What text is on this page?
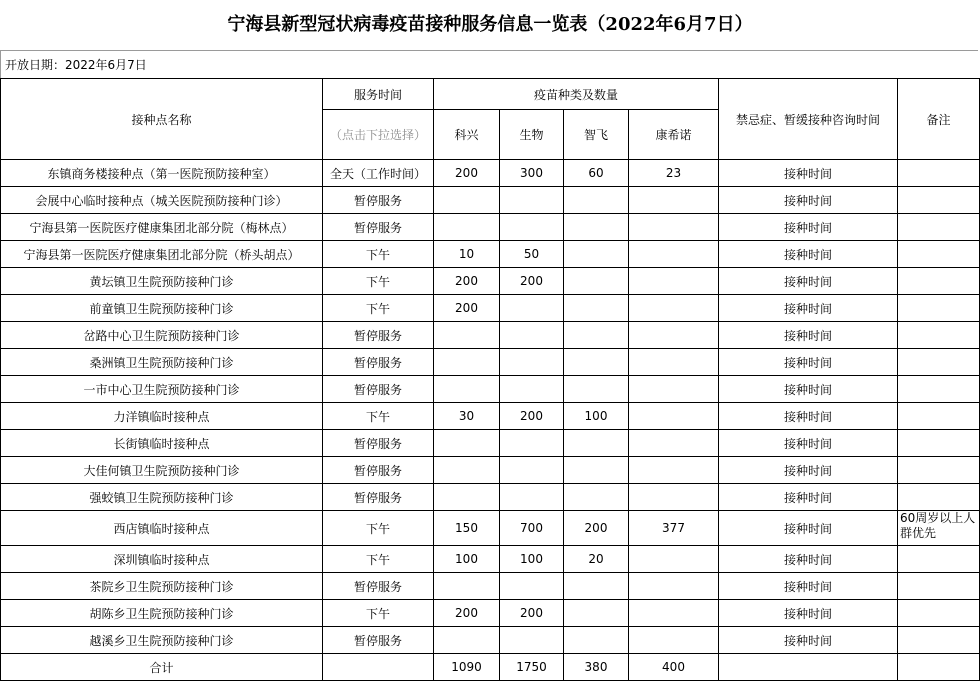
宁海县新型冠状病毒疫苗接种服务信息一览表（2022年6月7日）
开放日期：2022年6月7日
接种点名称	服务时间	疫苗种类及数量				禁忌症、暂缓接种咨询时间	备注
	（点击下拉选择）	科兴	生物	智飞	康希诺		
东镇商务楼接种点（第一医院预防接种室）	全天（工作时间）	200	300	60	23	接种时间	
会展中心临时接种点（城关医院预防接种门诊）	暂停服务					接种时间	
宁海县第一医院医疗健康集团北部分院（梅林点）	暂停服务					接种时间	
宁海县第一医院医疗健康集团北部分院（桥头胡点）	下午	10	50			接种时间	
黄坛镇卫生院预防接种门诊	下午	200	200			接种时间	
前童镇卫生院预防接种门诊	下午	200				接种时间	
岔路中心卫生院预防接种门诊	暂停服务					接种时间	
桑洲镇卫生院预防接种门诊	暂停服务					接种时间	
一市中心卫生院预防接种门诊	暂停服务					接种时间	
力洋镇临时接种点	下午	30	200	100		接种时间	
长街镇临时接种点	暂停服务					接种时间	
大佳何镇卫生院预防接种门诊	暂停服务					接种时间	
强蛟镇卫生院预防接种门诊	暂停服务					接种时间	
西店镇临时接种点	下午	150	700	200	377	接种时间	60周岁以上人群优先
深圳镇临时接种点	下午	100	100	20		接种时间	
茶院乡卫生院预防接种门诊	暂停服务					接种时间	
胡陈乡卫生院预防接种门诊	下午	200	200			接种时间	
越溪乡卫生院预防接种门诊	暂停服务					接种时间	
合计		1090	1750	380	400		
